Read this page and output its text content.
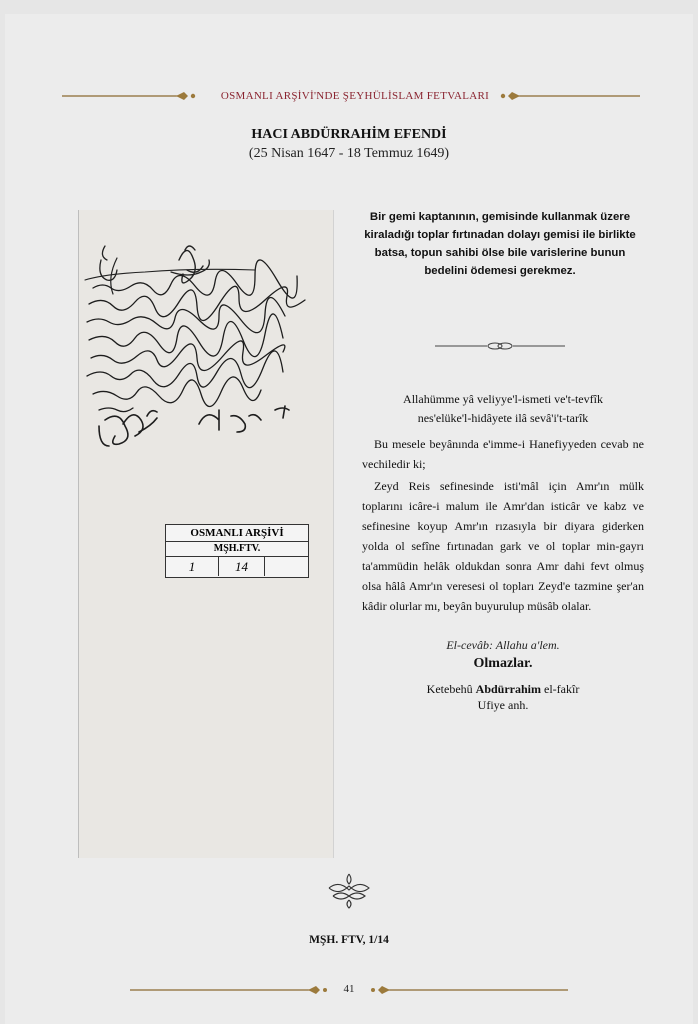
OSMANLI ARŞİVİ'NDE ŞEYHÜLİSLAM FETVALARI
HACI ABDÜRRAHİM EFENDİ
(25 Nisan 1647 - 18 Temmuz 1649)
OSMANLI ARŞİVİ
MŞH.FTV.
1	14
Bir gemi kaptanının, gemisinde kullanmak üzere kiraladığı toplar fırtınadan dolayı gemisi ile birlikte batsa, topun sahibi ölse bile varislerine bunun bedelini ödemesi gerekmez.
Allahümme yâ veliyye'l-ismeti ve't-tevfîk
nes'elüke'l-hidâyete ilâ sevâ'i't-tarîk
Bu mesele beyânında e'imme-i Hanefiyyeden cevab ne vechiledir ki;
Zeyd Reis sefinesinde isti'mâl için Amr'ın mülk toplarını icâre-i malum ile Amr'dan isticâr ve kabz ve sefinesine koyup Amr'ın rızasıyla bir diyara giderken yolda ol sefîne fırtınadan gark ve ol toplar min-gayrı ta'ammüdin helâk oldukdan sonra Amr dahi fevt olmuş olsa hâlâ Amr'ın veresesi ol topları Zeyd'e tazmine şer'an kâdir olurlar mı, beyân buyurulup müsâb olalar.
El-cevâb: Allahu a'lem.
Olmazlar.
Ketebehû Abdürrahim el-fakîr
Ufiye anh.
MŞH. FTV, 1/14
41
